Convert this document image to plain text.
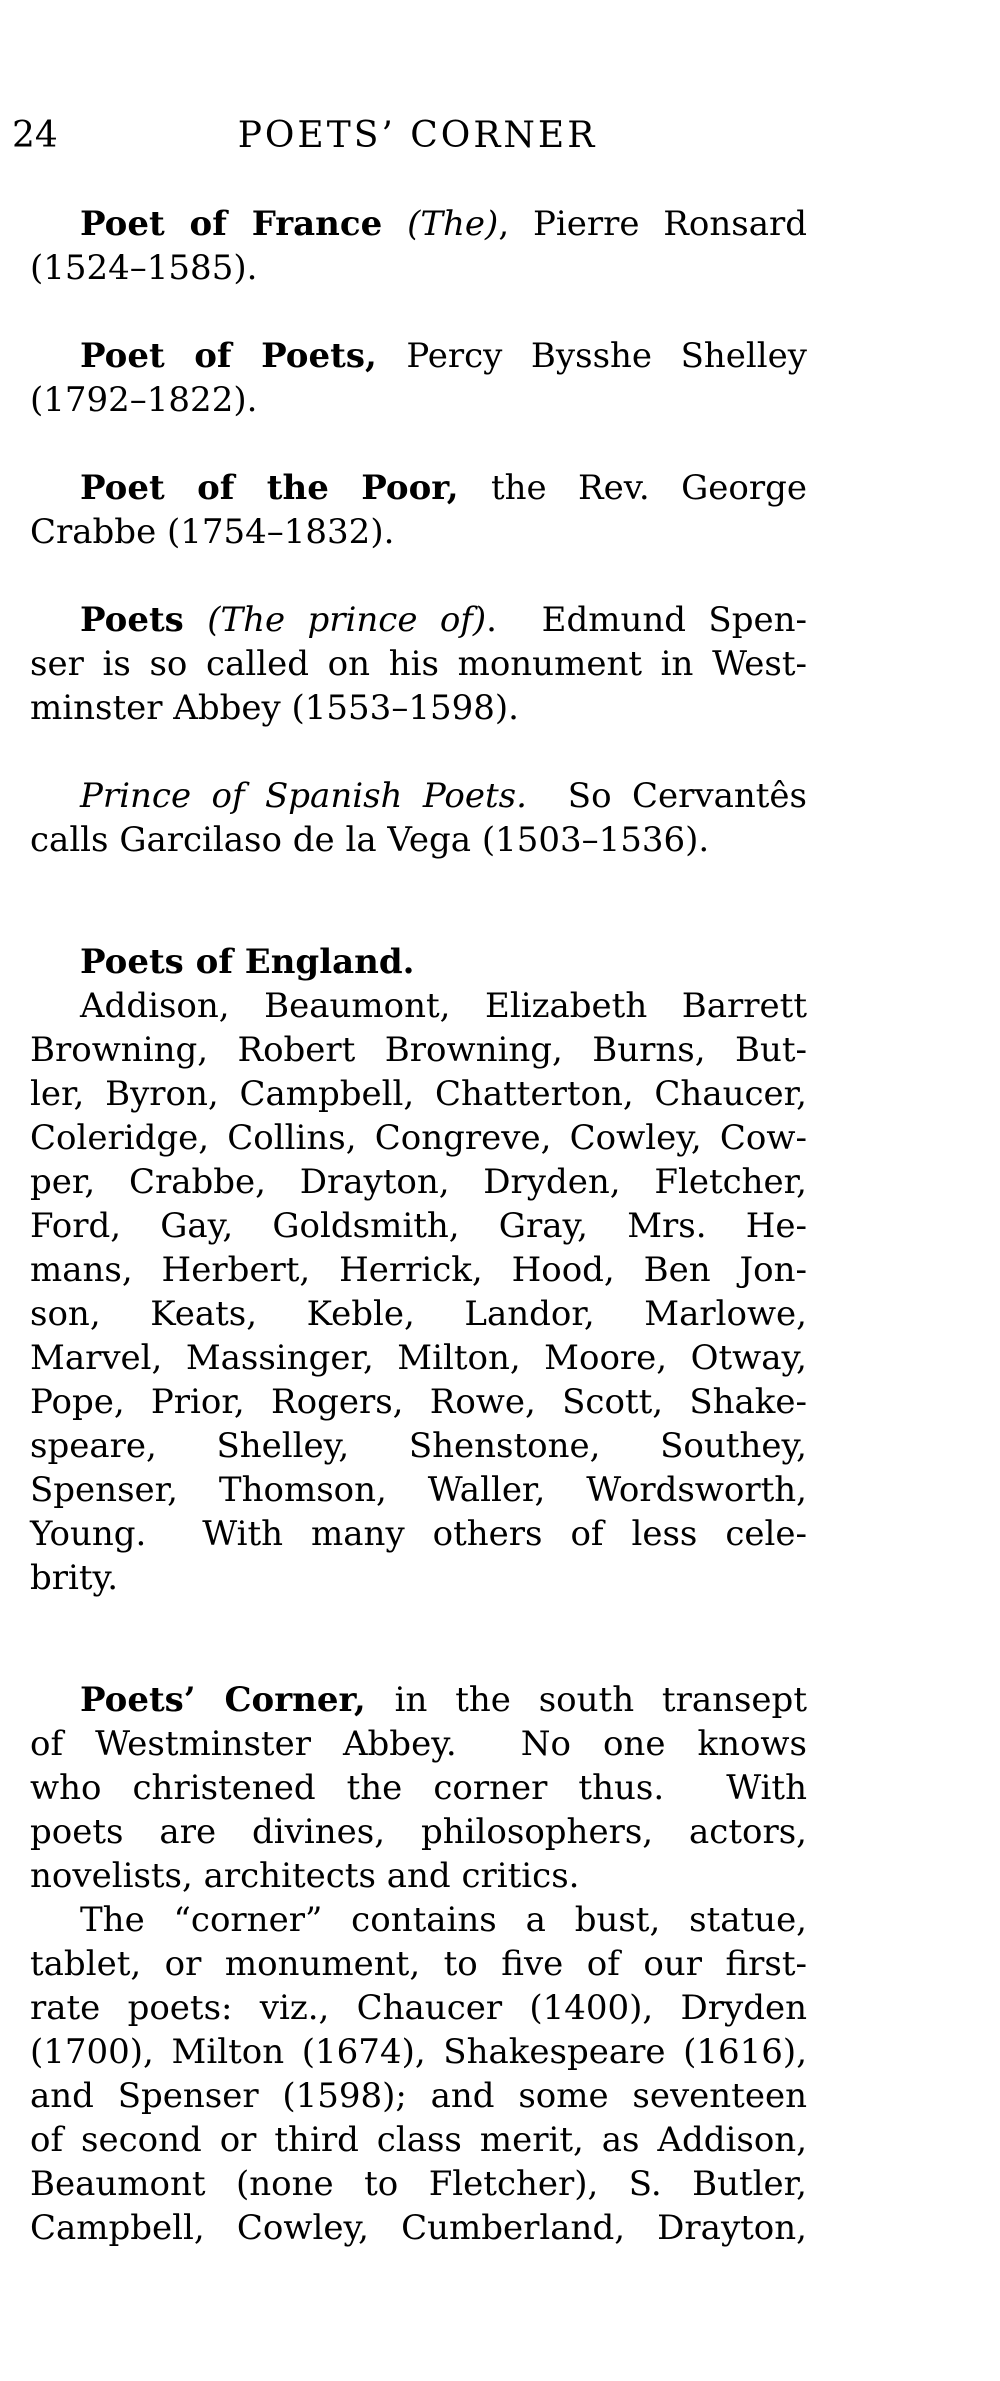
24	POETS’ CORNER
Poet of France (The), Pierre Ronsard
(1524–1585).
Poet of Poets, Percy Bysshe Shelley
(1792–1822).
Poet of the Poor, the Rev. George
Crabbe (1754–1832).
Poets (The prince of).  Edmund Spen-
ser is so called on his monument in West-
minster Abbey (1553–1598).
Prince of Spanish Poets.  So Cervantês
calls Garcilaso de la Vega (1503–1536).
Poets of England.
Addison, Beaumont, Elizabeth Barrett
Browning, Robert Browning, Burns, But-
ler, Byron, Campbell, Chatterton, Chaucer,
Coleridge, Collins, Congreve, Cowley, Cow-
per, Crabbe, Drayton, Dryden, Fletcher,
Ford, Gay, Goldsmith, Gray, Mrs. He-
mans, Herbert, Herrick, Hood, Ben Jon-
son, Keats, Keble, Landor, Marlowe,
Marvel, Massinger, Milton, Moore, Otway,
Pope, Prior, Rogers, Rowe, Scott, Shake-
speare, Shelley, Shenstone, Southey,
Spenser, Thomson, Waller, Wordsworth,
Young.  With many others of less cele-
brity.
Poets’ Corner, in the south transept
of Westminster Abbey.  No one knows
who christened the corner thus.  With
poets are divines, philosophers, actors,
novelists, architects and critics.
The “corner” contains a bust, statue,
tablet, or monument, to five of our first-
rate poets: viz., Chaucer (1400), Dryden
(1700), Milton (1674), Shakespeare (1616),
and Spenser (1598); and some seventeen
of second or third class merit, as Addison,
Beaumont (none to Fletcher), S. Butler,
Campbell, Cowley, Cumberland, Drayton,
